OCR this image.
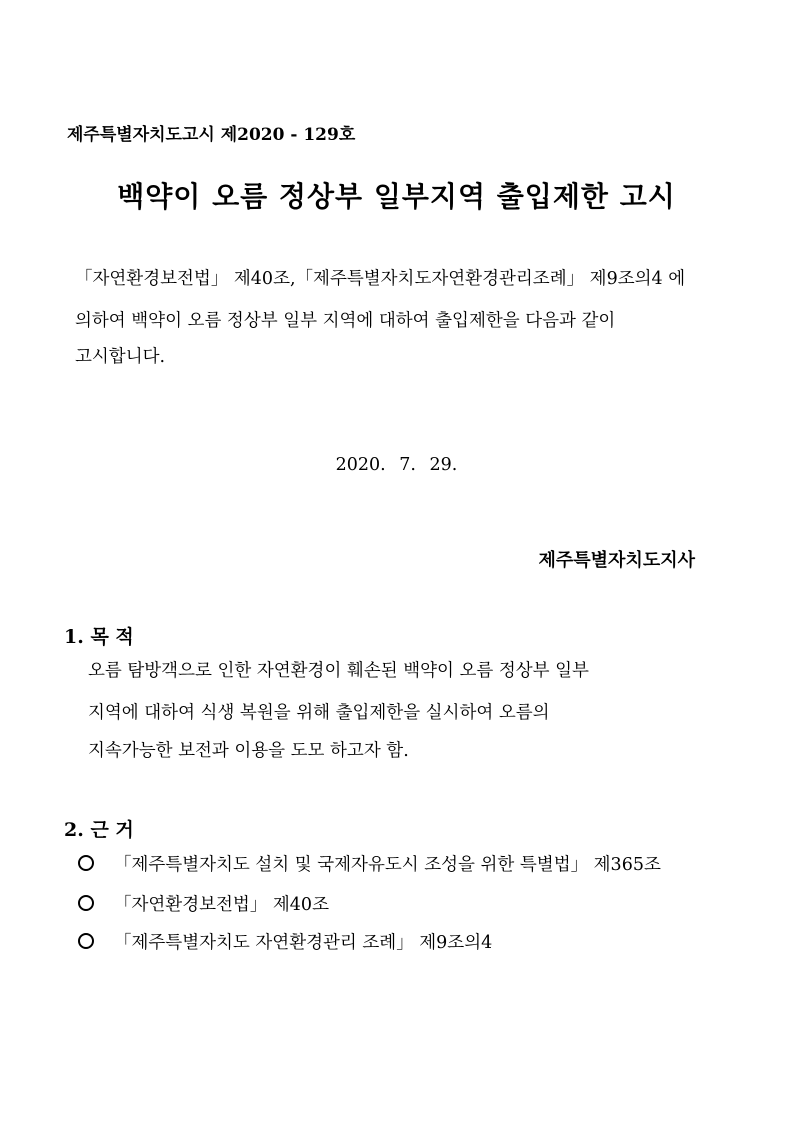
제주특별자치도고시 제2020 - 129호
백약이 오름 정상부 일부지역 출입제한 고시
「자연환경보전법」 제40조,「제주특별자치도자연환경관리조례」 제9조의4 에
의하여 백약이 오름 정상부 일부 지역에 대하여 출입제한을 다음과 같이
고시합니다.
2020. 7. 29.
제주특별자치도지사
1. 목 적
오름 탐방객으로 인한 자연환경이 훼손된 백약이 오름 정상부 일부
지역에 대하여 식생 복원을 위해 출입제한을 실시하여 오름의
지속가능한 보전과 이용을 도모 하고자 함.
2. 근 거
「제주특별자치도 설치 및 국제자유도시 조성을 위한 특별법」 제365조
「자연환경보전법」 제40조
「제주특별자치도 자연환경관리 조례」 제9조의4
